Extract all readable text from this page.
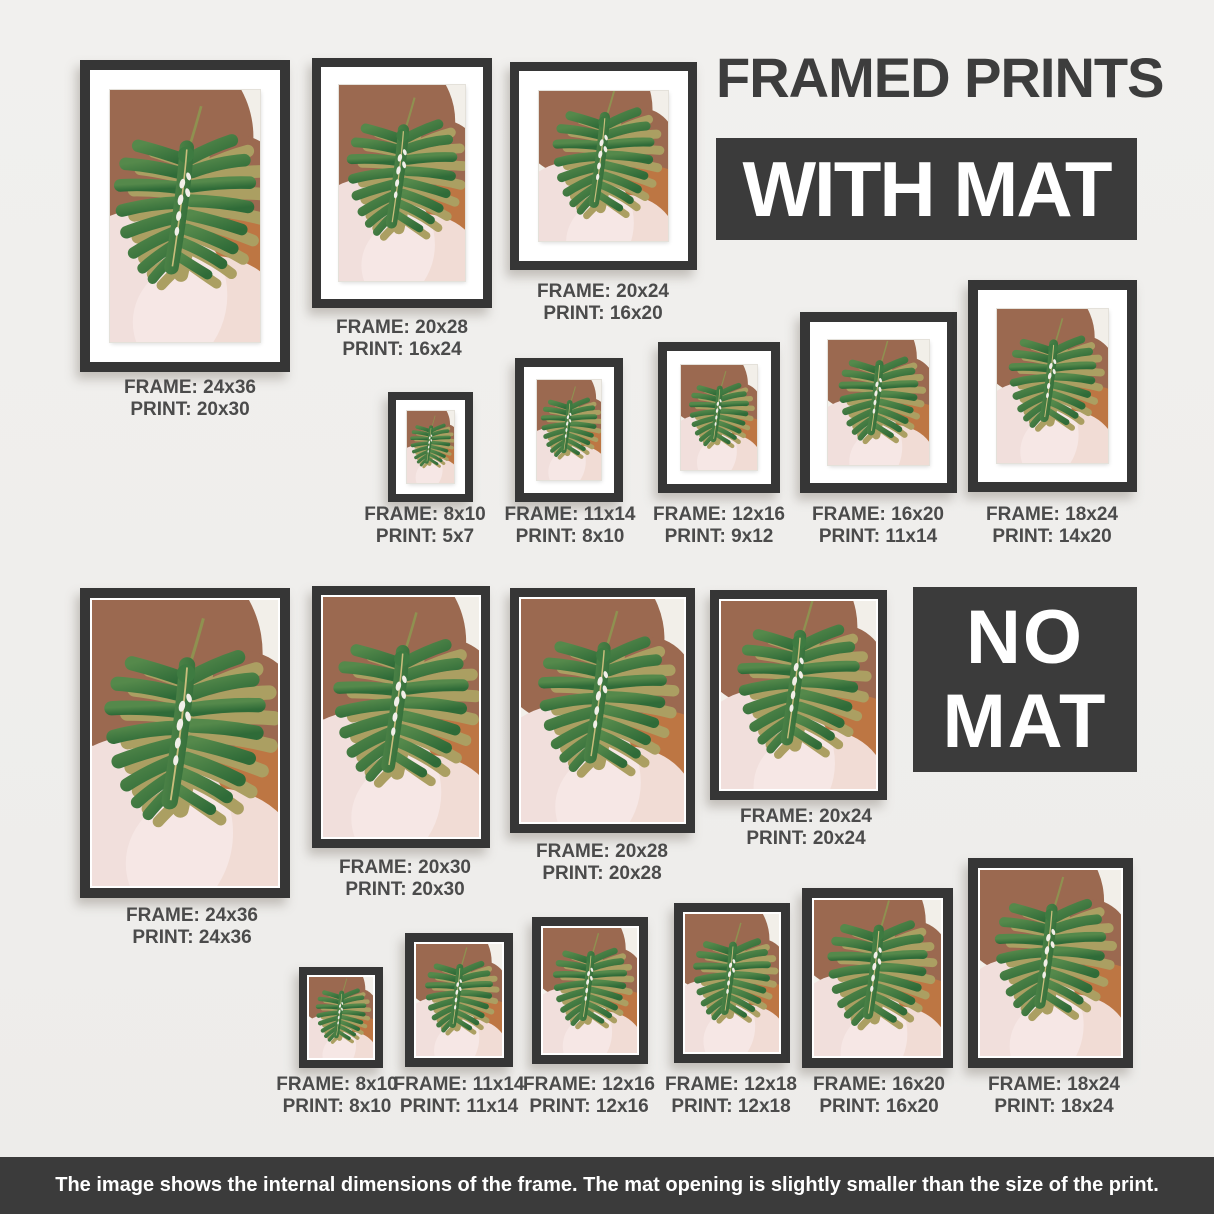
FRAMED PRINTS
WITH MAT
FRAME: 24x36
PRINT: 20x30
FRAME: 20x28
PRINT: 16x24
FRAME: 20x24
PRINT: 16x20
FRAME: 8x10
PRINT: 5x7
FRAME: 11x14
PRINT: 8x10
FRAME: 12x16
PRINT: 9x12
FRAME: 16x20
PRINT: 11x14
FRAME: 18x24
PRINT: 14x20
NO
MAT
FRAME: 24x36
PRINT: 24x36
FRAME: 20x30
PRINT: 20x30
FRAME: 20x28
PRINT: 20x28
FRAME: 20x24
PRINT: 20x24
FRAME: 8x10
PRINT: 8x10
FRAME: 11x14
PRINT: 11x14
FRAME: 12x16
PRINT: 12x16
FRAME: 12x18
PRINT: 12x18
FRAME: 16x20
PRINT: 16x20
FRAME: 18x24
PRINT: 18x24
The image shows the internal dimensions of the frame. The mat opening is slightly smaller than the size of the print.
